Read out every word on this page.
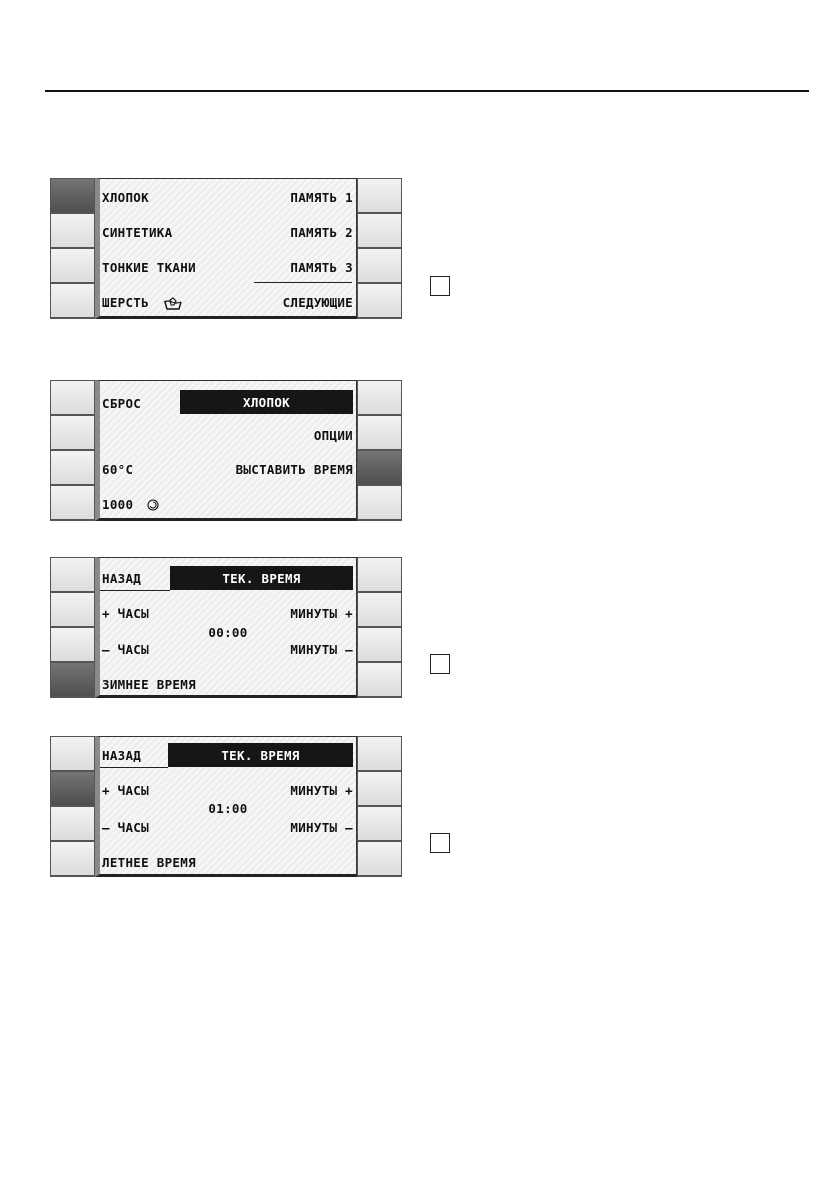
ХЛОПОК	ПАМЯТЬ 1
СИНТЕТИКА	ПАМЯТЬ 2
ТОНКИЕ ТКАНИ	ПАМЯТЬ 3
ШЕРСТЬ	СЛЕДУЮЩИЕ
СБРОС	ХЛОПОК
ОПЦИИ
60°C	ВЫСТАВИТЬ ВРЕМЯ
1000
НАЗАД	ТЕК. ВРЕМЯ
+ ЧАСЫ	МИНУТЫ +
00:00
– ЧАСЫ	МИНУТЫ –
ЗИМНЕЕ ВРЕМЯ
НАЗАД	ТЕК. ВРЕМЯ
+ ЧАСЫ	МИНУТЫ +
01:00
– ЧАСЫ	МИНУТЫ –
ЛЕТНЕЕ ВРЕМЯ
